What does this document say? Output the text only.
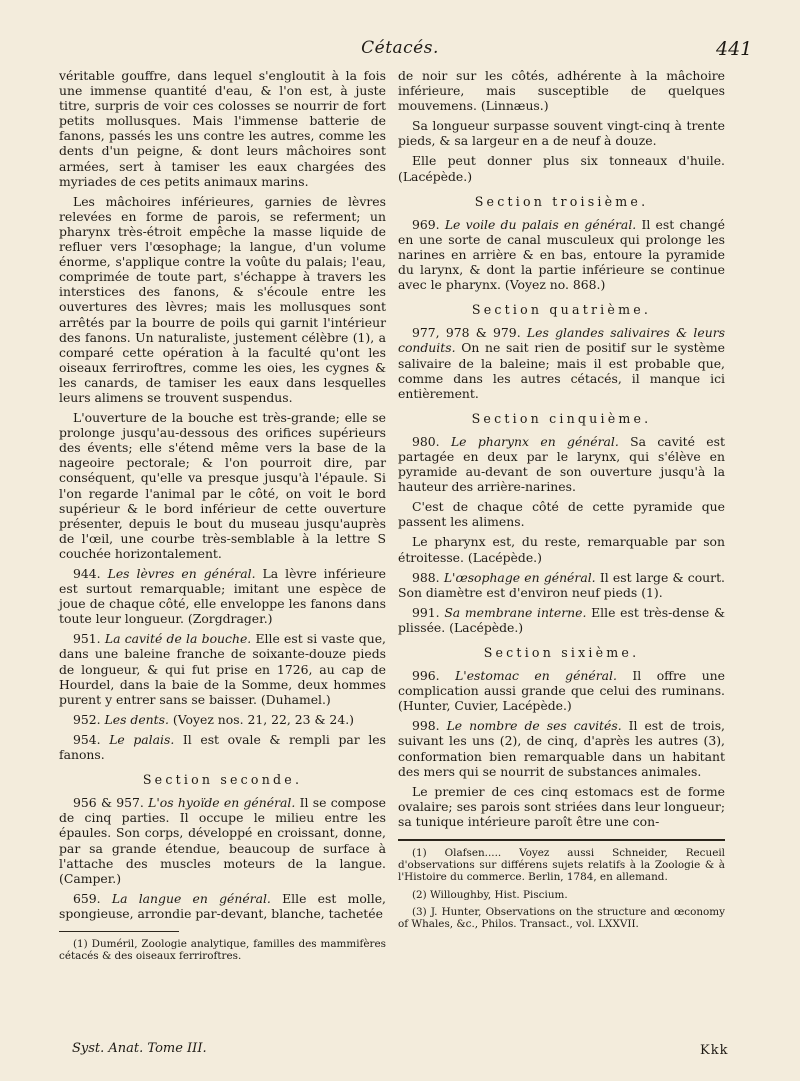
Cétacés.	441

véritable gouffre, dans lequel s'engloutit à la fois une immense quantité d'eau, & l'on est, à juste titre, surpris de voir ces colosses se nourrir de fort petits mollusques. Mais l'immense batterie de fanons, passés les uns contre les autres, comme les dents d'un peigne, & dont leurs mâchoires sont armées, sert à tamiser les eaux chargées des myriades de ces petits animaux marins.

Les mâchoires inférieures, garnies de lèvres relevées en forme de parois, se referment; un pharynx très-étroit empêche la masse liquide de refluer vers l'œsophage; la langue, d'un volume énorme, s'applique contre la voûte du palais; l'eau, comprimée de toute part, s'échappe à travers les interstices des fanons, & s'écoule entre les ouvertures des lèvres; mais les mollusques sont arrêtés par la bourre de poils qui garnit l'intérieur des fanons. Un naturaliste, justement célèbre (1), a comparé cette opération à la faculté qu'ont les oiseaux ferriroftres, comme les oies, les cygnes & les canards, de tamiser les eaux dans lesquelles leurs alimens se trouvent suspendus.

L'ouverture de la bouche est très-grande; elle se prolonge jusqu'au-dessous des orifices supérieurs des évents; elle s'étend même vers la base de la nageoire pectorale; & l'on pourroit dire, par conséquent, qu'elle va presque jusqu'à l'épaule. Si l'on regarde l'animal par le côté, on voit le bord supérieur & le bord inférieur de cette ouverture présenter, depuis le bout du museau jusqu'auprès de l'œil, une courbe très-semblable à la lettre S couchée horizontalement.

944. Les lèvres en général. La lèvre inférieure est surtout remarquable; imitant une espèce de joue de chaque côté, elle enveloppe les fanons dans toute leur longueur. (Zorgdrager.)

951. La cavité de la bouche. Elle est si vaste que, dans une baleine franche de soixante-douze pieds de longueur, & qui fut prise en 1726, au cap de Hourdel, dans la baie de la Somme, deux hommes purent y entrer sans se baisser. (Duhamel.)

952. Les dents. (Voyez nos. 21, 22, 23 & 24.)

954. Le palais. Il est ovale & rempli par les fanons.

Section seconde.

956 & 957. L'os hyoïde en général. Il se compose de cinq parties. Il occupe le milieu entre les épaules. Son corps, développé en croissant, donne, par sa grande étendue, beaucoup de surface à l'attache des muscles moteurs de la langue. (Camper.)

659. La langue en général. Elle est molle, spongieuse, arrondie par-devant, blanche, tachetée

(1) Duméril, Zoologie analytique, familles des mammifères cétacés & des oiseaux ferriroftres.

de noir sur les côtés, adhérente à la mâchoire inférieure, mais susceptible de quelques mouvemens. (Linnæus.)

Sa longueur surpasse souvent vingt-cinq à trente pieds, & sa largeur en a de neuf à douze.

Elle peut donner plus six tonneaux d'huile. (Lacépède.)

Section troisième.

969. Le voile du palais en général. Il est changé en une sorte de canal musculeux qui prolonge les narines en arrière & en bas, entoure la pyramide du larynx, & dont la partie inférieure se continue avec le pharynx. (Voyez no. 868.)

Section quatrième.

977, 978 & 979. Les glandes salivaires & leurs conduits. On ne sait rien de positif sur le système salivaire de la baleine; mais il est probable que, comme dans les autres cétacés, il manque ici entièrement.

Section cinquième.

980. Le pharynx en général. Sa cavité est partagée en deux par le larynx, qui s'élève en pyramide au-devant de son ouverture jusqu'à la hauteur des arrière-narines.

C'est de chaque côté de cette pyramide que passent les alimens.

Le pharynx est, du reste, remarquable par son étroitesse. (Lacépède.)

988. L'œsophage en général. Il est large & court. Son diamètre est d'environ neuf pieds (1).

991. Sa membrane interne. Elle est très-dense & plissée. (Lacépède.)

Section sixième.

996. L'estomac en général. Il offre une complication aussi grande que celui des ruminans. (Hunter, Cuvier, Lacépède.)

998. Le nombre de ses cavités. Il est de trois, suivant les uns (2), de cinq, d'après les autres (3), conformation bien remarquable dans un habitant des mers qui se nourrit de substances animales.

Le premier de ces cinq estomacs est de forme ovalaire; ses parois sont striées dans leur longueur; sa tunique intérieure paroît être une con-

(1) Olafsen..... Voyez aussi Schneider, Recueil d'observations sur différens sujets relatifs à la Zoologie & à l'Histoire du commerce. Berlin, 1784, en allemand.

(2) Willoughby, Hist. Piscium.

(3) J. Hunter, Observations on the structure and œconomy of Whales, &c., Philos. Transact., vol. LXXVII.

Syst. Anat. Tome III.	Kkk
